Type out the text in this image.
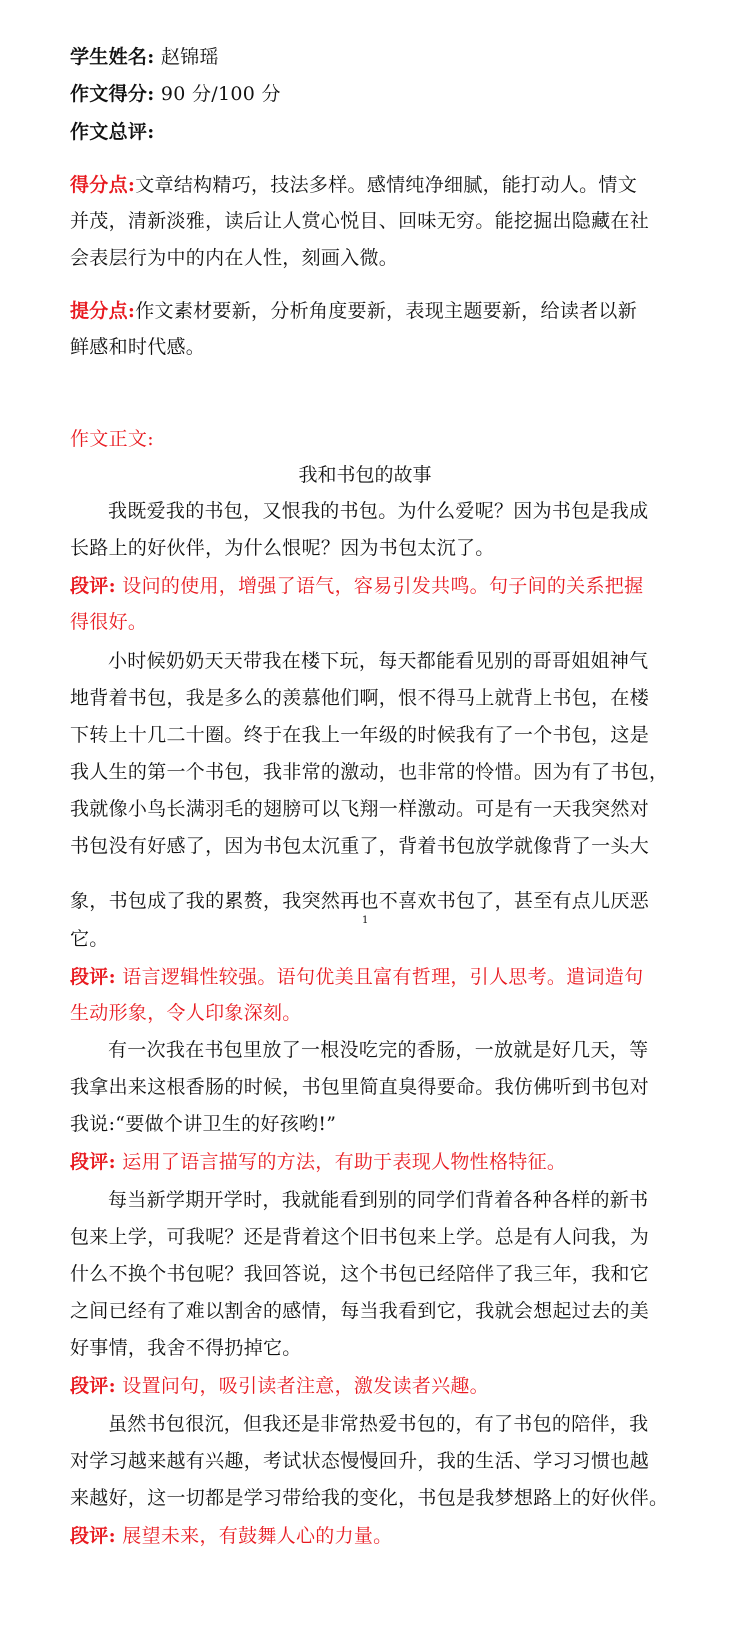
学生姓名: 赵锦瑶

作文得分: 90 分/100 分

作文总评:

得分点:文章结构精巧，技法多样。感情纯净细腻，能打动人。情文

并茂，清新淡雅，读后让人赏心悦目、回味无穷。能挖掘出隐藏在社

会表层行为中的内在人性，刻画入微。

提分点:作文素材要新，分析角度要新，表现主题要新，给读者以新

鲜感和时代感。

作文正文:

我和书包的故事

我既爱我的书包，又恨我的书包。为什么爱呢？因为书包是我成

长路上的好伙伴，为什么恨呢？因为书包太沉了。

段评: 设问的使用，增强了语气，容易引发共鸣。句子间的关系把握

得很好。

小时候奶奶天天带我在楼下玩，每天都能看见别的哥哥姐姐神气

地背着书包，我是多么的羡慕他们啊，恨不得马上就背上书包，在楼

下转上十几二十圈。终于在我上一年级的时候我有了一个书包，这是

我人生的第一个书包，我非常的激动，也非常的怜惜。因为有了书包，

我就像小鸟长满羽毛的翅膀可以飞翔一样激动。可是有一天我突然对

书包没有好感了，因为书包太沉重了，背着书包放学就像背了一头大

1

象，书包成了我的累赘，我突然再也不喜欢书包了，甚至有点儿厌恶

它。

段评: 语言逻辑性较强。语句优美且富有哲理，引人思考。遣词造句

生动形象，令人印象深刻。

有一次我在书包里放了一根没吃完的香肠，一放就是好几天，等

我拿出来这根香肠的时候，书包里简直臭得要命。我仿佛听到书包对

我说:“要做个讲卫生的好孩哟!”

段评: 运用了语言描写的方法，有助于表现人物性格特征。

每当新学期开学时，我就能看到别的同学们背着各种各样的新书

包来上学，可我呢？还是背着这个旧书包来上学。总是有人问我，为

什么不换个书包呢？我回答说，这个书包已经陪伴了我三年，我和它

之间已经有了难以割舍的感情，每当我看到它，我就会想起过去的美

好事情，我舍不得扔掉它。

段评: 设置问句，吸引读者注意，激发读者兴趣。

虽然书包很沉，但我还是非常热爱书包的，有了书包的陪伴，我

对学习越来越有兴趣，考试状态慢慢回升，我的生活、学习习惯也越

来越好，这一切都是学习带给我的变化，书包是我梦想路上的好伙伴。

段评: 展望未来，有鼓舞人心的力量。
